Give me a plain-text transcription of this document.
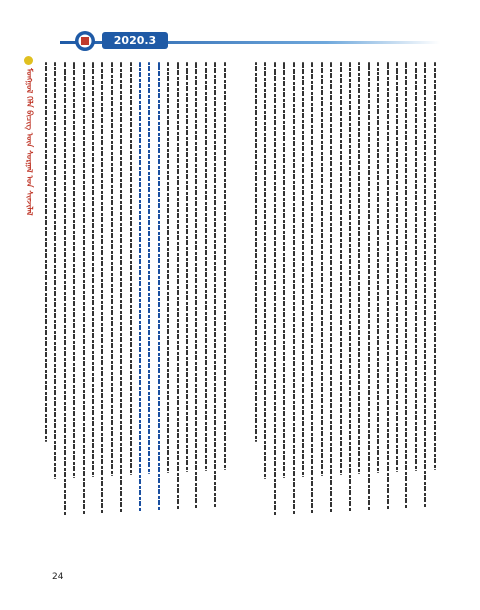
2020.3
ᠮᠣᠩᠭᠣᠯ ᠬᠡᠯᠡ ᠪᠢᠴᠢᠭ ᠦᠨ ᠰᠤᠷᠭᠠᠯ ᠤᠨ ᠰᠢᠨᠵᠢᠯᠡᠯ
24
